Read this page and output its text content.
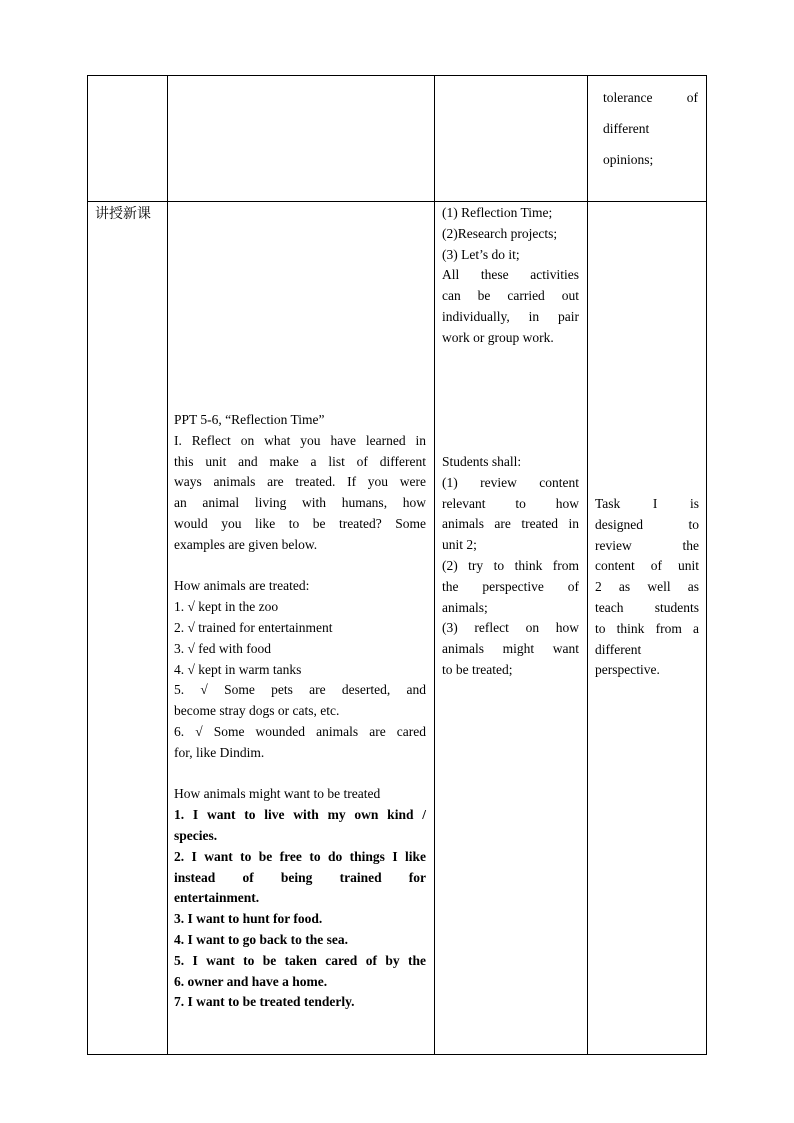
tolerance of
different
opinions;
讲授新课	(1) Reflection Time;
(2)Research projects;
(3) Let’s do it;
All these activities
can be carried out
individually, in pair
work or group work.
PPT 5-6, “Reflection Time”
I. Reflect on what you have learned in
this unit and make a list of different
ways animals are treated. If you were
an animal living with humans, how
would you like to be treated? Some
examples are given below.
How animals are treated:
1. √ kept in the zoo
2. √ trained for entertainment
3. √ fed with food
4. √ kept in warm tanks
5. √ Some pets are deserted, and
become stray dogs or cats, etc.
6. √ Some wounded animals are cared
for, like Dindim.
How animals might want to be treated
1. I want to live with my own kind /
species.
2. I want to be free to do things I like
instead of being trained for
entertainment.
3. I want to hunt for food.
4. I want to go back to the sea.
5. I want to be taken cared of by the
6. owner and have a home.
7. I want to be treated tenderly.
Students shall:
(1) review content
relevant to how
animals are treated in
unit 2;
(2) try to think from
the perspective of
animals;
(3) reflect on how
animals might want
to be treated;
Task I is
designed to
review the
content of unit
2 as well as
teach students
to think from a
different
perspective.
